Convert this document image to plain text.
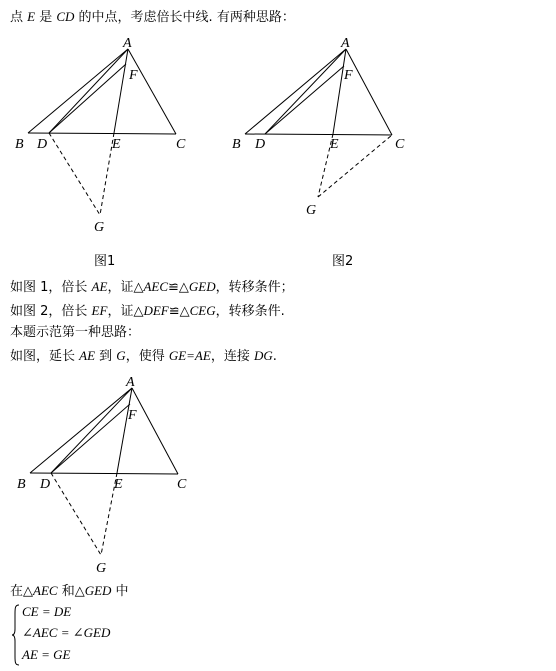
点 E 是 CD 的中点，考虑倍长中线. 有两种思路：
A
F
B D	E	C
G
图1
A
F
B D	E	C
G
图2
如图 1，倍长 AE，证△AEC≌△GED，转移条件；
如图 2，倍长 EF，证△DEF≌△CEG，转移条件.
本题示范第一种思路：
如图，延长 AE 到 G，使得 GE=AE，连接 DG.
A
F
B D	E	C
G
在△AEC 和△GED 中
CE = DE
∠AEC = ∠GED
AE = GE
